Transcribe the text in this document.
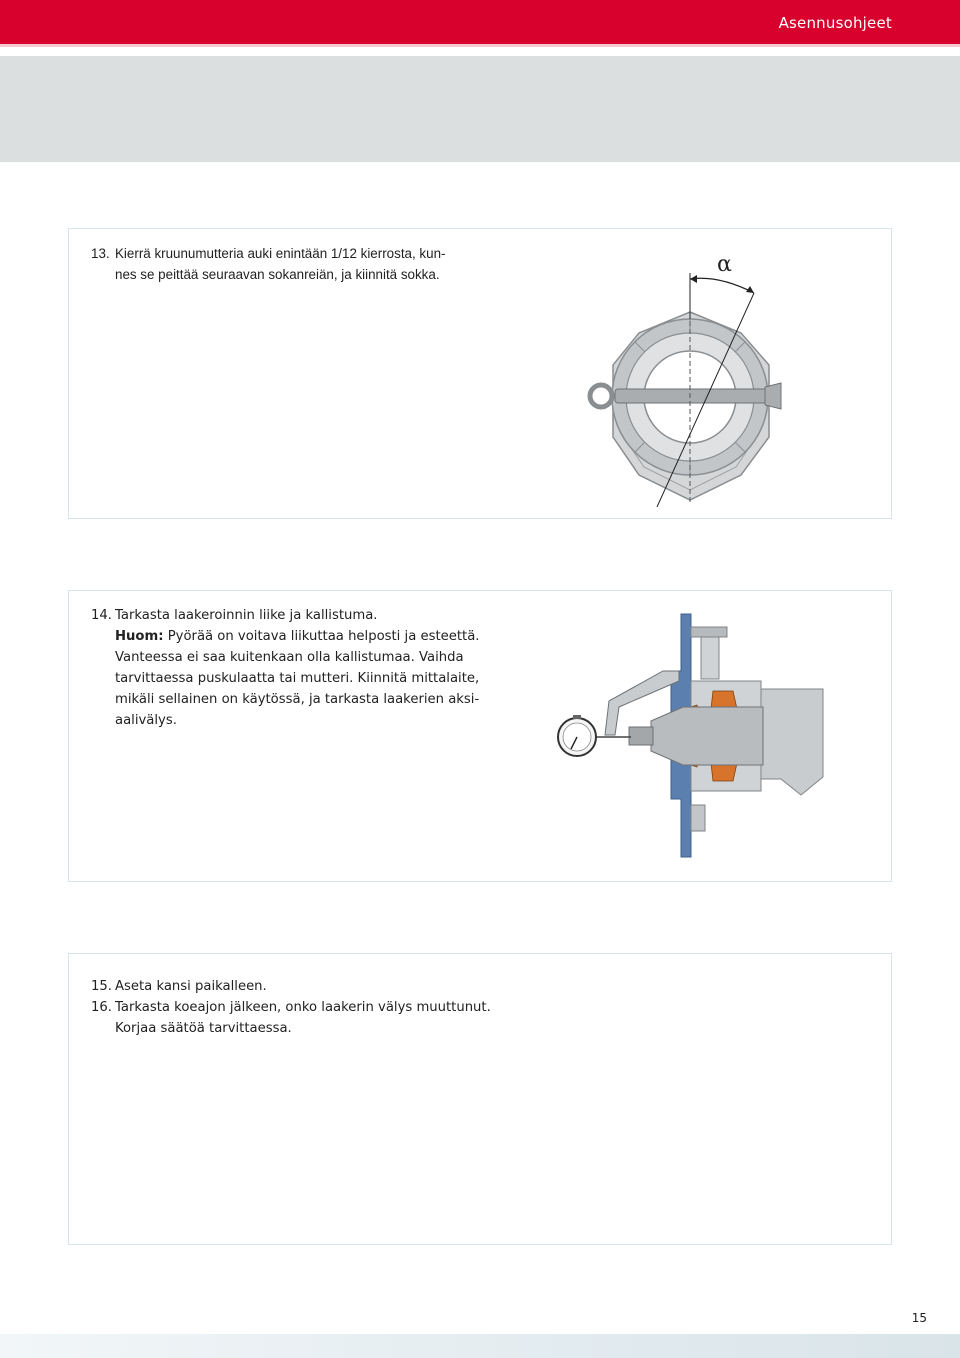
Asennusohjeet

13. Kierrä kruunumutteria auki enintään 1/12 kierrosta, kun-

nes se peittää seuraavan sokanreiän, ja kiinnitä sokka.	α

14. Tarkasta laakeroinnin liike ja kallistuma.

Huom: Pyörää on voitava liikuttaa helposti ja esteettä.

Vanteessa ei saa kuitenkaan olla kallistumaa. Vaihda

tarvittaessa puskulaatta tai mutteri. Kiinnitä mittalaite,

mikäli sellainen on käytössä, ja tarkasta laakerien aksi-

aalivälys.

15. Aseta kansi paikalleen.

16. Tarkasta koeajon jälkeen, onko laakerin välys muuttunut.

Korjaa säätöä tarvittaessa.

15
